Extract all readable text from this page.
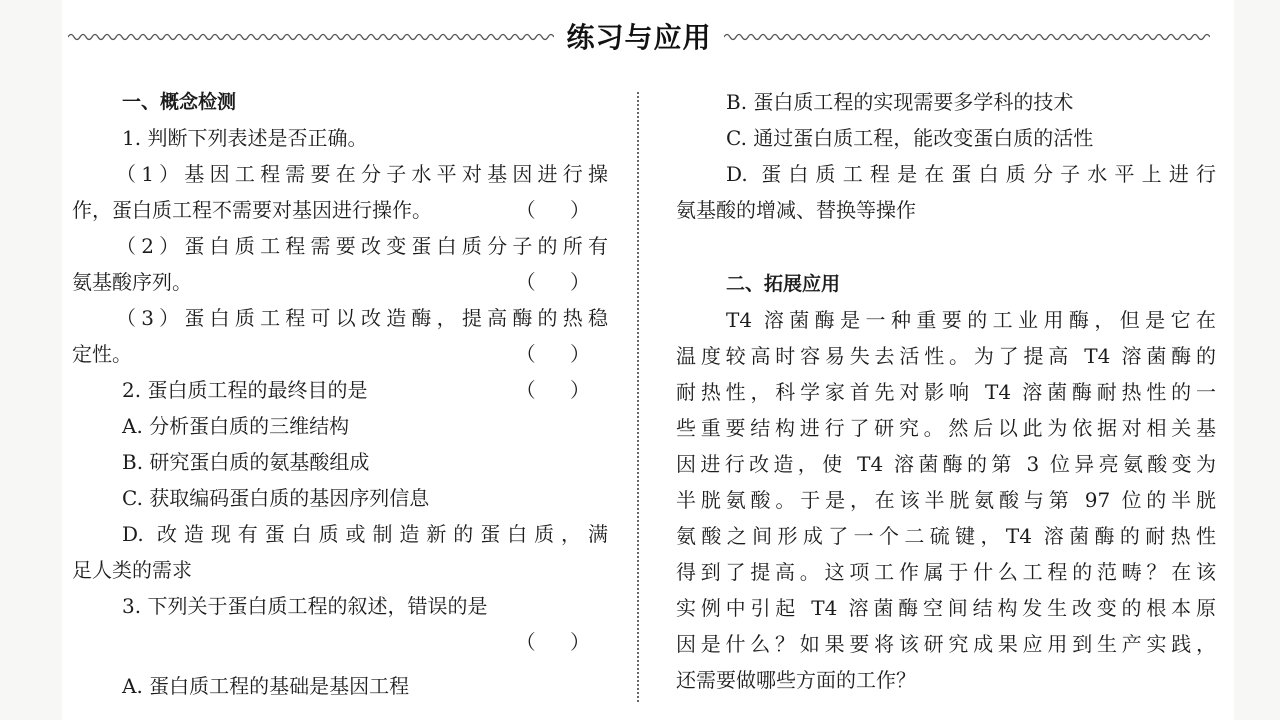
练习与应用
一、概念检测
1. 判断下列表述是否正确。
（1）基因工程需要在分子水平对基因进行操
作，蛋白质工程不需要对基因进行操作。	（ ）
（2）蛋白质工程需要改变蛋白质分子的所有
氨基酸序列。	（ ）
（3）蛋白质工程可以改造酶，提高酶的热稳
定性。	（ ）
2. 蛋白质工程的最终目的是	（ ）
A. 分析蛋白质的三维结构
B. 研究蛋白质的氨基酸组成
C. 获取编码蛋白质的基因序列信息
D. 改造现有蛋白质或制造新的蛋白质，满
足人类的需求
3. 下列关于蛋白质工程的叙述，错误的是
（ ）
A. 蛋白质工程的基础是基因工程
B. 蛋白质工程的实现需要多学科的技术
C. 通过蛋白质工程，能改变蛋白质的活性
D. 蛋白质工程是在蛋白质分子水平上进行
氨基酸的增减、替换等操作
二、拓展应用
T4 溶菌酶是一种重要的工业用酶，但是它在
温度较高时容易失去活性。为了提高 T4 溶菌酶的
耐热性，科学家首先对影响 T4 溶菌酶耐热性的一
些重要结构进行了研究。然后以此为依据对相关基
因进行改造，使 T4 溶菌酶的第 3 位异亮氨酸变为
半胱氨酸。于是，在该半胱氨酸与第 97 位的半胱
氨酸之间形成了一个二硫键，T4 溶菌酶的耐热性
得到了提高。这项工作属于什么工程的范畴？在该
实例中引起 T4 溶菌酶空间结构发生改变的根本原
因是什么？如果要将该研究成果应用到生产实践，
还需要做哪些方面的工作？
